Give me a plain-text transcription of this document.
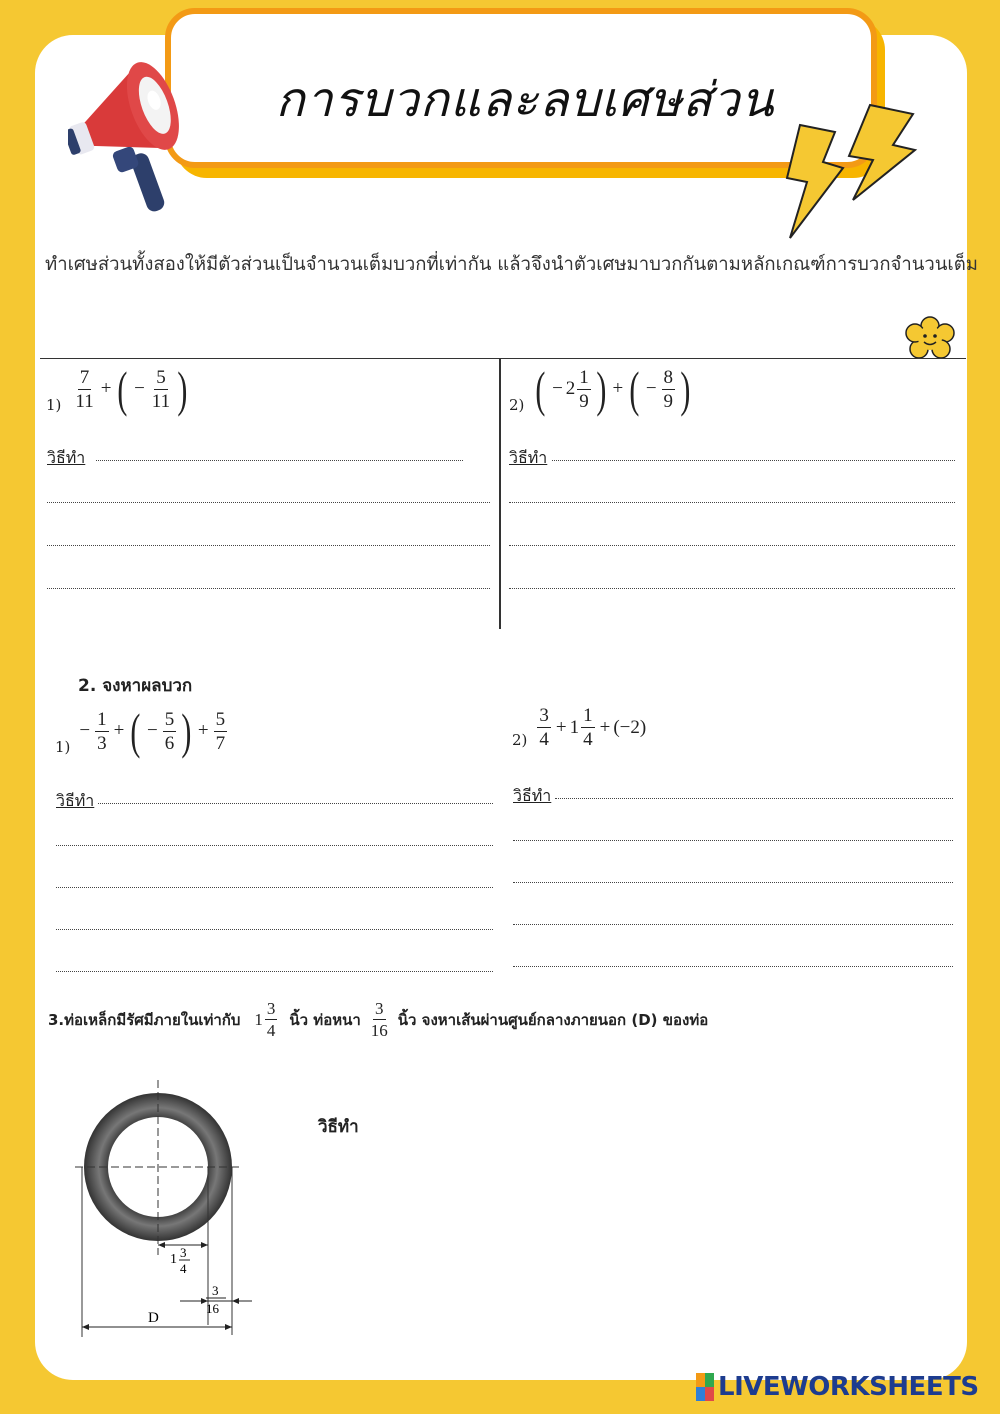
การบวกและลบเศษส่วน
ทำเศษส่วนทั้งสองให้มีตัวส่วนเป็นจำนวนเต็มบวกที่เท่ากัน แล้วจึงนำตัวเศษมาบวกกันตามหลักเกณฑ์การบวกจำนวนเต็ม
$1) \frac{7}{11}$ + ( − $\frac{5}{11}$ )
วิธีทำ
2) ( − $2 \frac{1}{9}$ ) + ( − $\frac{8}{9}$ )
วิธีทำ
2. จงหาผลบวก
1)
− $\frac{1}{3}$ + ( − $\frac{5}{6}$ ) + $\frac{5}{7}$
วิธีทำ
$2) \frac{3}{4} + 1 \frac{1}{4} + (-2)$
วิธีทำ
3.ท่อเหล็กมีรัศมีภายในเท่ากับ $1 \frac{3}{4}$ นิ้ว ท่อหนา $\frac{3}{16}$ นิ้ว จงหาเส้นผ่านศูนย์กลางภายนอก (D) ของท่อ
วิธีทำ
1 3
4
3
16
D
LIVEWORKSHEETS
